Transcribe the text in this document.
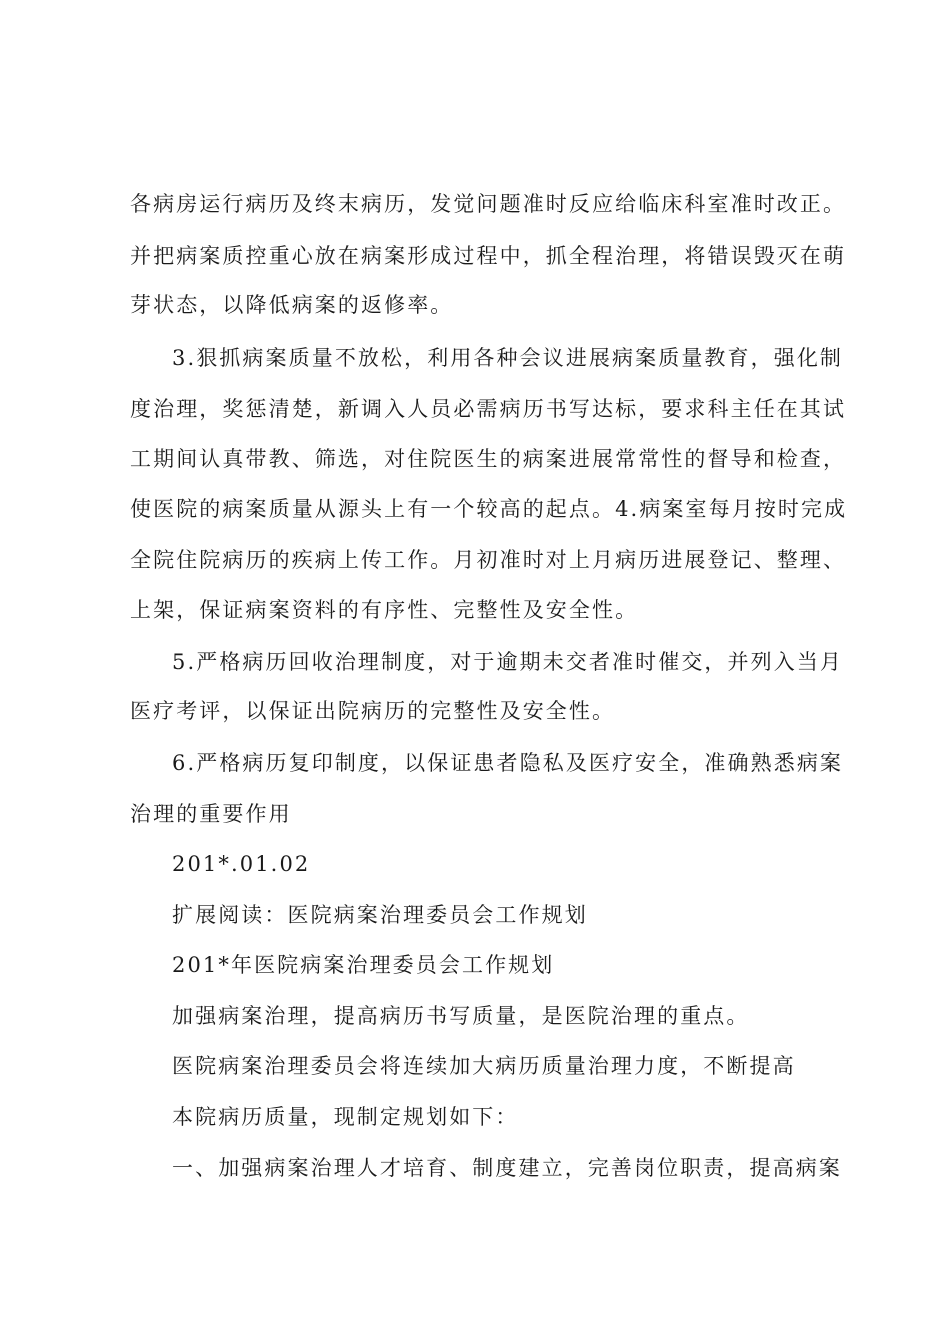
各病房运行病历及终末病历，发觉问题准时反应给临床科室准时改正。
并把病案质控重心放在病案形成过程中，抓全程治理，将错误毁灭在萌
芽状态，以降低病案的返修率。
3.狠抓病案质量不放松，利用各种会议进展病案质量教育，强化制
度治理，奖惩清楚，新调入人员必需病历书写达标，要求科主任在其试
工期间认真带教、筛选，对住院医生的病案进展常常性的督导和检查，
使医院的病案质量从源头上有一个较高的起点。4.病案室每月按时完成
全院住院病历的疾病上传工作。月初准时对上月病历进展登记、整理、
上架，保证病案资料的有序性、完整性及安全性。
5.严格病历回收治理制度，对于逾期未交者准时催交，并列入当月
医疗考评，以保证出院病历的完整性及安全性。
6.严格病历复印制度，以保证患者隐私及医疗安全，准确熟悉病案
治理的重要作用
201*.01.02
扩展阅读：医院病案治理委员会工作规划
201*年医院病案治理委员会工作规划
加强病案治理，提高病历书写质量，是医院治理的重点。
医院病案治理委员会将连续加大病历质量治理力度，不断提高
本院病历质量，现制定规划如下：
一、加强病案治理人才培育、制度建立，完善岗位职责，提高病案
